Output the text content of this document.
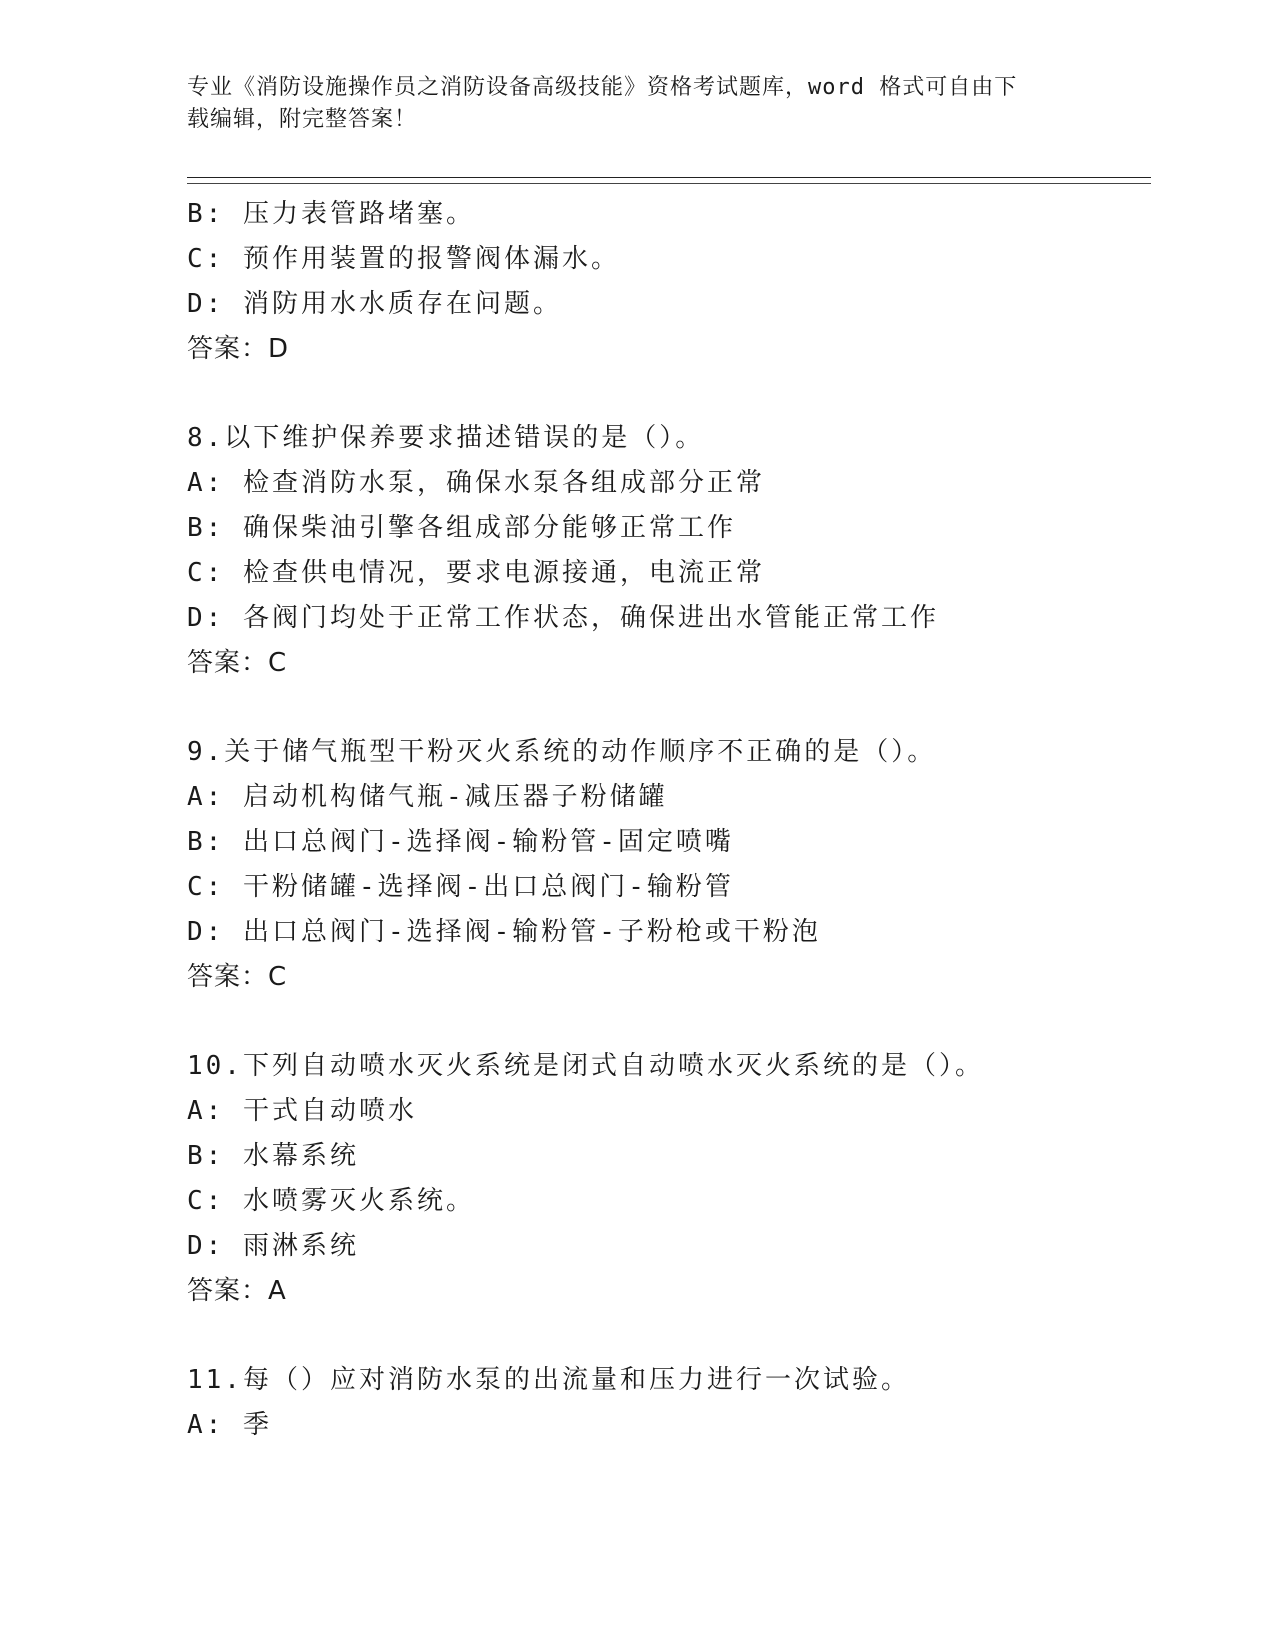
专业《消防设施操作员之消防设备高级技能》资格考试题库，word 格式可自由下
载编辑，附完整答案！
B: 压力表管路堵塞。
C: 预作用装置的报警阀体漏水。
D: 消防用水水质存在问题。
答案：D
8.以下维护保养要求描述错误的是（）。
A: 检查消防水泵，确保水泵各组成部分正常
B: 确保柴油引擎各组成部分能够正常工作
C: 检查供电情况，要求电源接通，电流正常
D: 各阀门均处于正常工作状态，确保进出水管能正常工作
答案：C
9.关于储气瓶型干粉灭火系统的动作顺序不正确的是（）。
A: 启动机构储气瓶-减压器子粉储罐
B: 出口总阀门-选择阀-输粉管-固定喷嘴
C: 干粉储罐-选择阀-出口总阀门-输粉管
D: 出口总阀门-选择阀-输粉管-子粉枪或干粉泡
答案：C
10.下列自动喷水灭火系统是闭式自动喷水灭火系统的是（）。
A: 干式自动喷水
B: 水幕系统
C: 水喷雾灭火系统。
D: 雨淋系统
答案：A
11.每（）应对消防水泵的出流量和压力进行一次试验。
A: 季
